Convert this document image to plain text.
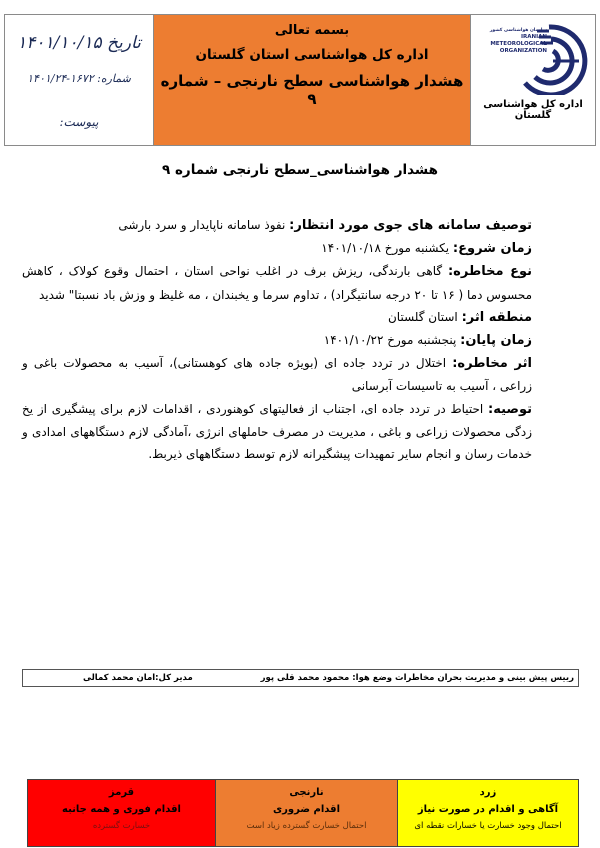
تاریخ ۱۴۰۱/۱۰/۱۵
شماره: ۱۶۷۲-۱۴۰۱/۲۴
پیوست:
بسمه تعالی
اداره کل هواشناسی استان گلستان
هشدار هواشناسی سطح نارنجی – شماره ۹
سازمان هواشناسی کشور
IRANIAN
METEOROLOGICAL
ORGANIZATION
اداره کل هواشناسی گلستان
هشدار هواشناسی_سطح نارنجی شماره ۹

توصیف سامانه های جوی مورد انتظار: نفوذ سامانه ناپایدار و سرد بارشی

زمان شروع: یکشنبه مورخ ۱۴۰۱/۱۰/۱۸

نوع مخاطره: گاهی بارندگی، ریزش برف در اغلب نواحی استان ، احتمال وقوع کولاک ، کاهش محسوس دما ( ۱۶ تا ۲۰ درجه سانتیگراد) ، تداوم سرما و یخبندان ، مه غلیظ و وزش باد نسبتا" شدید

منطقه اثر: استان گلستان

زمان پایان: پنجشنبه مورخ ۱۴۰۱/۱۰/۲۲

اثر مخاطره: اختلال در تردد جاده ای (بویژه جاده های کوهستانی)، آسیب به محصولات باغی و زراعی ، آسیب به تاسیسات آبرسانی

توصیه: احتیاط در تردد جاده ای، اجتناب از فعالیتهای کوهنوردی ، اقدامات لازم برای پیشگیری از یخ زدگی محصولات زراعی و باغی ، مدیریت در مصرف حاملهای انرژی ،آمادگی لازم دستگاههای امدادی و خدمات رسان و انجام سایر تمهیدات پیشگیرانه لازم توسط دستگاههای ذیربط.

رییس پیش بینی و مدیریت بحران مخاطرات وضع هوا: محمود محمد قلی پور
مدیر کل:امان محمد کمالی
قرمز
اقدام فوری و همه جانبه
خسارت گسترده
نارنجی
اقدام ضروری
احتمال خسارت گسترده زیاد است
زرد
آگاهی و اقدام در صورت نیاز
احتمال وجود خسارت یا خسارات نقطه ای
